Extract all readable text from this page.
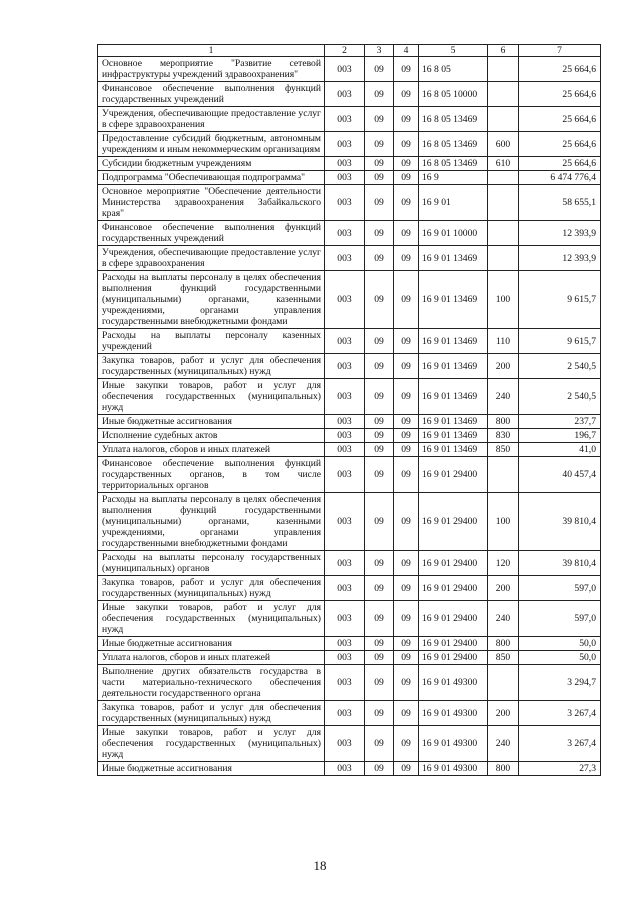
1	2	3	4	5	6	7
Основное мероприятие "Развитие сетевой инфраструктуры учреждений здравоохранения"	003	09	09	16 8 05		25 664,6
Финансовое обеспечение выполнения функций государственных учреждений	003	09	09	16 8 05 10000		25 664,6
Учреждения, обеспечивающие предоставление услуг в сфере здравоохранения	003	09	09	16 8 05 13469		25 664,6
Предоставление субсидий бюджетным, автономным учреждениям и иным некоммерческим организациям	003	09	09	16 8 05 13469	600	25 664,6
Субсидии бюджетным учреждениям	003	09	09	16 8 05 13469	610	25 664,6
Подпрограмма "Обеспечивающая подпрограмма"	003	09	09	16 9		6 474 776,4
Основное мероприятие "Обеспечение деятельности Министерства здравоохранения Забайкальского края"	003	09	09	16 9 01		58 655,1
Финансовое обеспечение выполнения функций государственных учреждений	003	09	09	16 9 01 10000		12 393,9
Учреждения, обеспечивающие предоставление услуг в сфере здравоохранения	003	09	09	16 9 01 13469		12 393,9
Расходы на выплаты персоналу в целях обеспечения выполнения функций государственными (муниципальными) органами, казенными учреждениями, органами управления государственными внебюджетными фондами	003	09	09	16 9 01 13469	100	9 615,7
Расходы на выплаты персоналу казенных учреждений	003	09	09	16 9 01 13469	110	9 615,7
Закупка товаров, работ и услуг для обеспечения государственных (муниципальных) нужд	003	09	09	16 9 01 13469	200	2 540,5
Иные закупки товаров, работ и услуг для обеспечения государственных (муниципальных) нужд	003	09	09	16 9 01 13469	240	2 540,5
Иные бюджетные ассигнования	003	09	09	16 9 01 13469	800	237,7
Исполнение судебных актов	003	09	09	16 9 01 13469	830	196,7
Уплата налогов, сборов и иных платежей	003	09	09	16 9 01 13469	850	41,0
Финансовое обеспечение выполнения функций государственных органов, в том числе территориальных органов	003	09	09	16 9 01 29400		40 457,4
Расходы на выплаты персоналу в целях обеспечения выполнения функций государственными (муниципальными) органами, казенными учреждениями, органами управления государственными внебюджетными фондами	003	09	09	16 9 01 29400	100	39 810,4
Расходы на выплаты персоналу государственных (муниципальных) органов	003	09	09	16 9 01 29400	120	39 810,4
Закупка товаров, работ и услуг для обеспечения государственных (муниципальных) нужд	003	09	09	16 9 01 29400	200	597,0
Иные закупки товаров, работ и услуг для обеспечения государственных (муниципальных) нужд	003	09	09	16 9 01 29400	240	597,0
Иные бюджетные ассигнования	003	09	09	16 9 01 29400	800	50,0
Уплата налогов, сборов и иных платежей	003	09	09	16 9 01 29400	850	50,0
Выполнение других обязательств государства в части материально-технического обеспечения деятельности государственного органа	003	09	09	16 9 01 49300		3 294,7
Закупка товаров, работ и услуг для обеспечения государственных (муниципальных) нужд	003	09	09	16 9 01 49300	200	3 267,4
Иные закупки товаров, работ и услуг для обеспечения государственных (муниципальных) нужд	003	09	09	16 9 01 49300	240	3 267,4
Иные бюджетные ассигнования	003	09	09	16 9 01 49300	800	27,3
18
